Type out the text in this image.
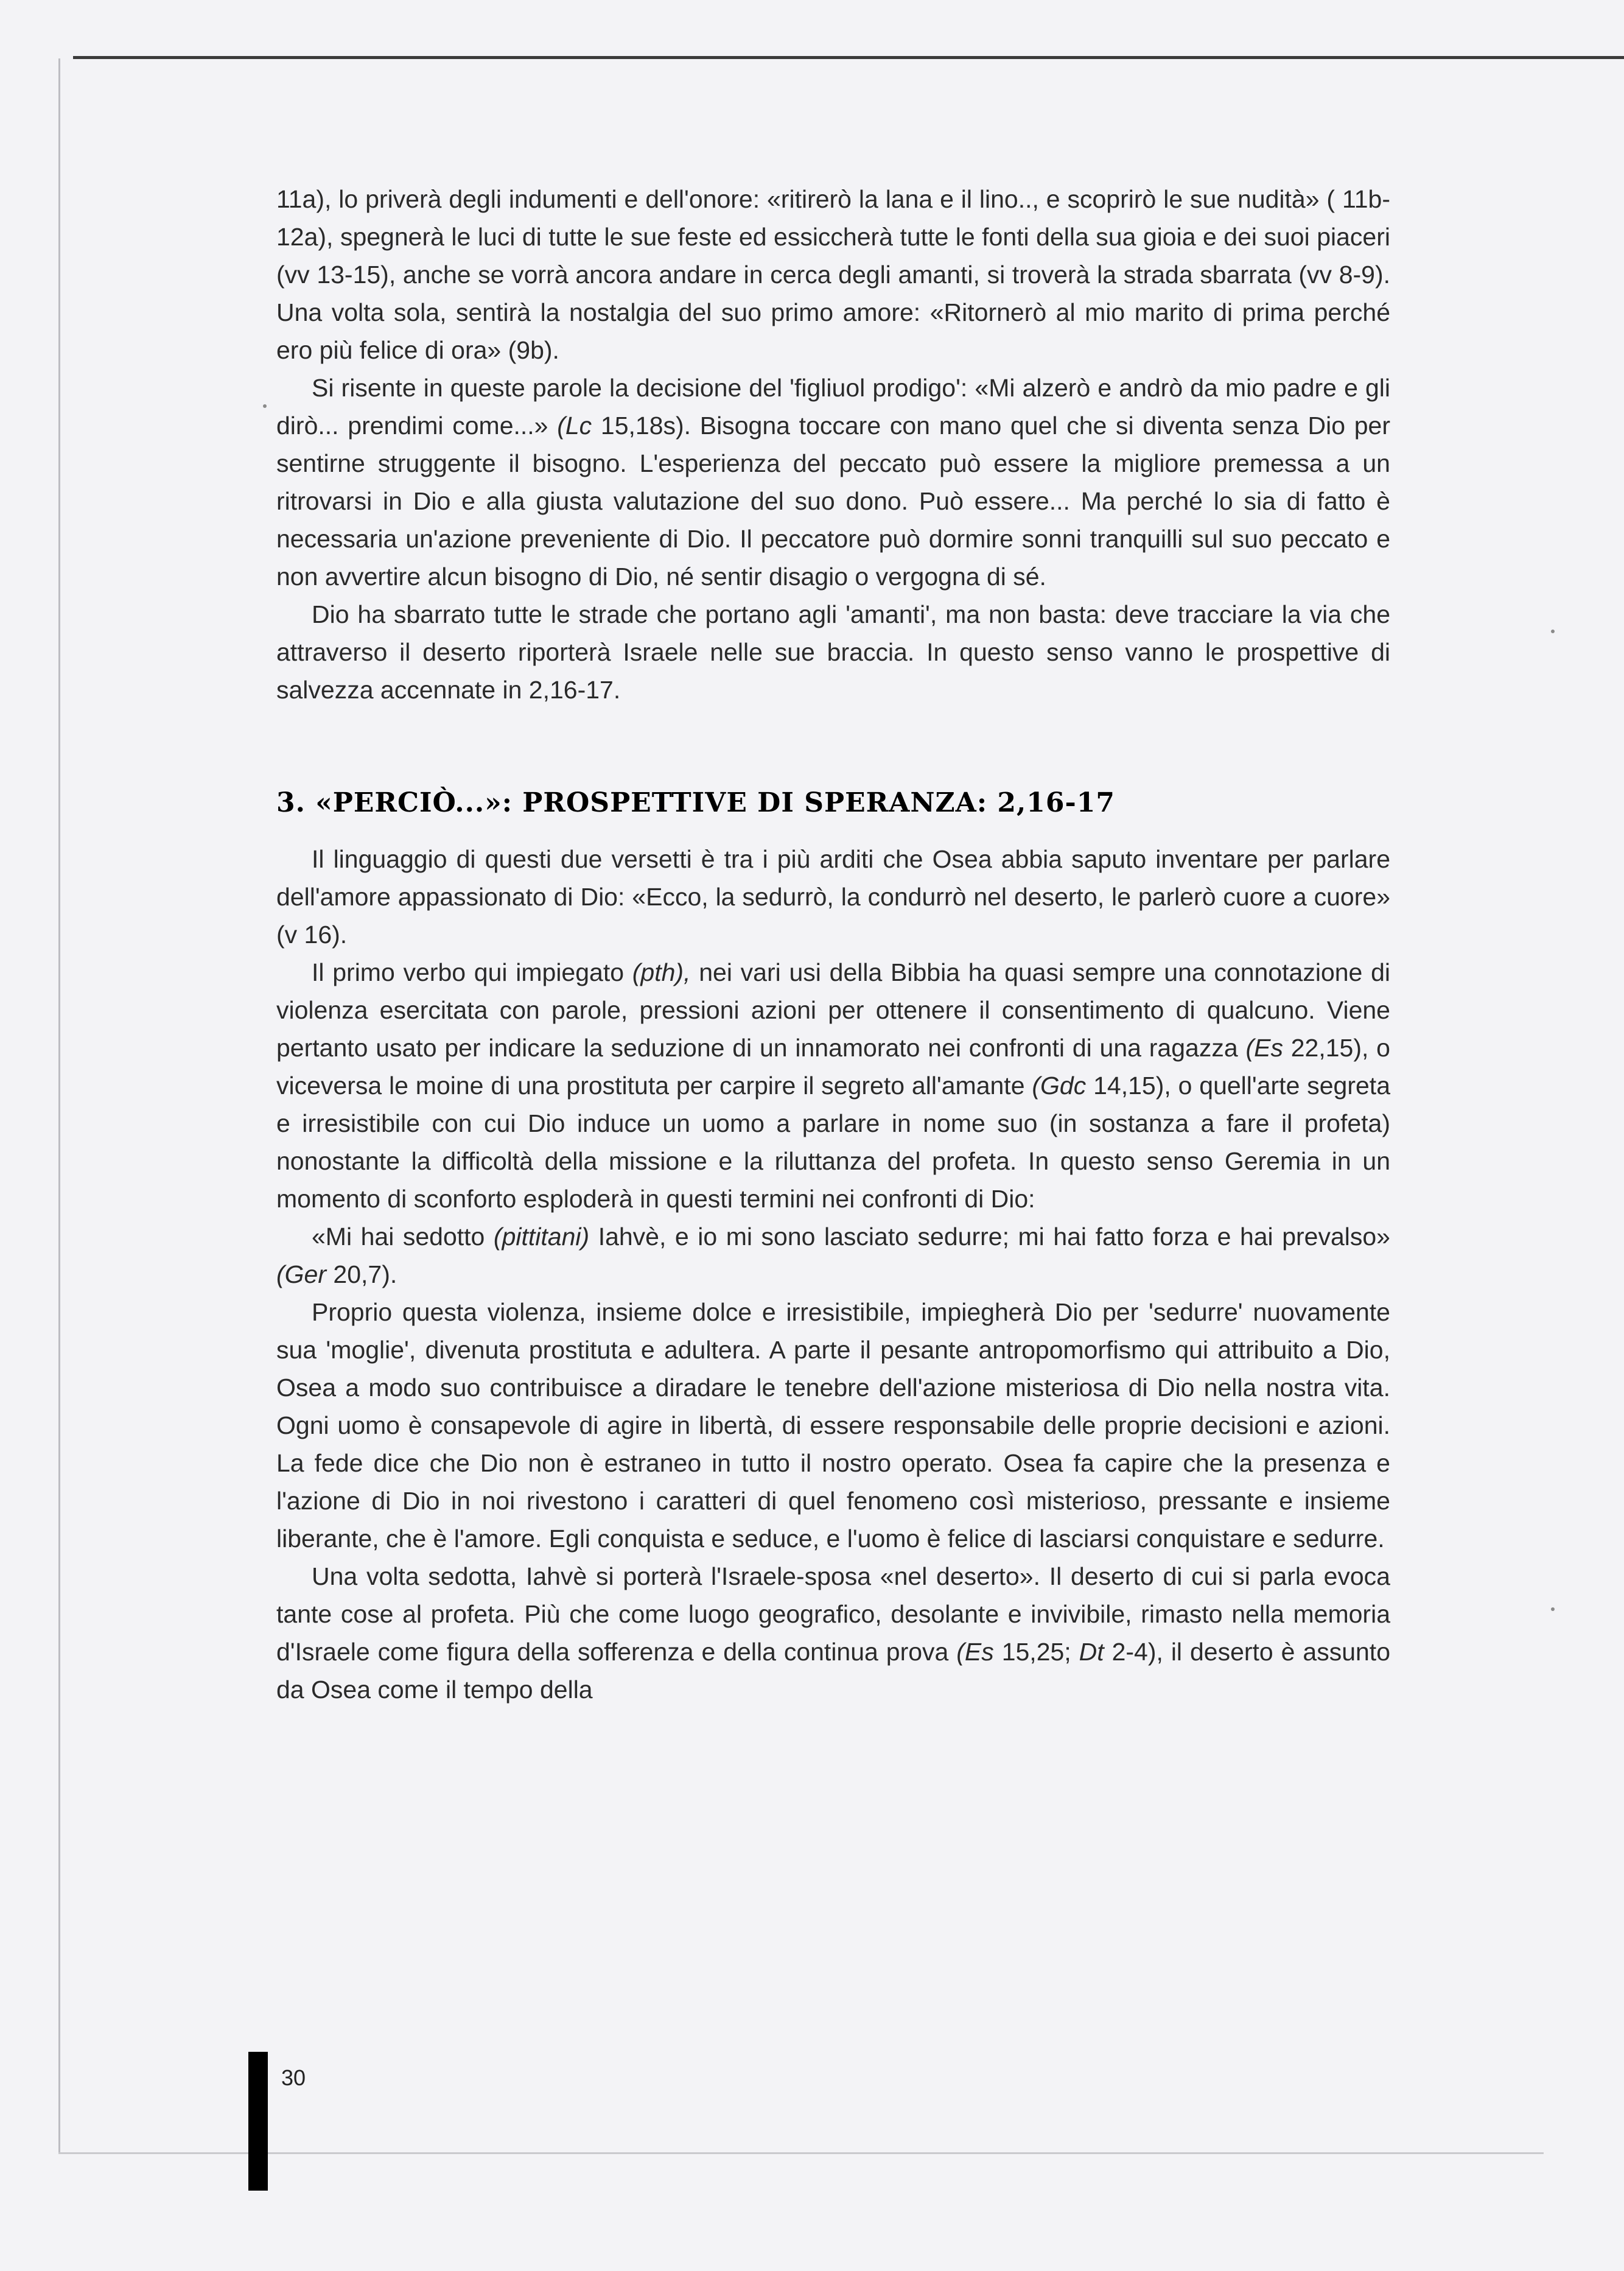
11a), lo priverà degli indumenti e dell'onore: «ritirerò la lana e il lino.., e scoprirò le sue nudità» ( 11b-12a), spegnerà le luci di tutte le sue feste ed essiccherà tutte le fonti della sua gioia e dei suoi piaceri (vv 13-15), anche se vorrà ancora andare in cerca degli amanti, si troverà la strada sbarrata (vv 8-9). Una volta sola, sentirà la nostalgia del suo primo amore: «Ritornerò al mio marito di prima perché ero più felice di ora» (9b).

Si risente in queste parole la decisione del 'figliuol prodigo': «Mi alzerò e andrò da mio padre e gli dirò... prendimi come...» (Lc 15,18s). Bisogna toccare con mano quel che si diventa senza Dio per sentirne struggente il bisogno. L'esperienza del peccato può essere la migliore premessa a un ritrovarsi in Dio e alla giusta valutazione del suo dono. Può essere... Ma perché lo sia di fatto è necessaria un'azione preveniente di Dio. Il peccatore può dormire sonni tranquilli sul suo peccato e non avvertire alcun bisogno di Dio, né sentir disagio o vergogna di sé.

Dio ha sbarrato tutte le strade che portano agli 'amanti', ma non basta: deve tracciare la via che attraverso il deserto riporterà Israele nelle sue braccia. In questo senso vanno le prospettive di salvezza accennate in 2,16-17.

3. «PERCIÒ...»: PROSPETTIVE DI SPERANZA: 2,16-17

Il linguaggio di questi due versetti è tra i più arditi che Osea abbia saputo inventare per parlare dell'amore appassionato di Dio: «Ecco, la sedurrò, la condurrò nel deserto, le parlerò cuore a cuore» (v 16).

Il primo verbo qui impiegato (pth), nei vari usi della Bibbia ha quasi sempre una connotazione di violenza esercitata con parole, pressioni azioni per ottenere il consentimento di qualcuno. Viene pertanto usato per indicare la seduzione di un innamorato nei confronti di una ragazza (Es 22,15), o viceversa le moine di una prostituta per carpire il segreto all'amante (Gdc 14,15), o quell'arte segreta e irresistibile con cui Dio induce un uomo a parlare in nome suo (in sostanza a fare il profeta) nonostante la difficoltà della missione e la riluttanza del profeta. In questo senso Geremia in un momento di sconforto esploderà in questi termini nei confronti di Dio:

«Mi hai sedotto (pittitani) Iahvè, e io mi sono lasciato sedurre; mi hai fatto forza e hai prevalso» (Ger 20,7).

Proprio questa violenza, insieme dolce e irresistibile, impiegherà Dio per 'sedurre' nuovamente sua 'moglie', divenuta prostituta e adultera. A parte il pesante antropomorfismo qui attribuito a Dio, Osea a modo suo contribuisce a diradare le tenebre dell'azione misteriosa di Dio nella nostra vita. Ogni uomo è consapevole di agire in libertà, di essere responsabile delle proprie decisioni e azioni. La fede dice che Dio non è estraneo in tutto il nostro operato. Osea fa capire che la presenza e l'azione di Dio in noi rivestono i caratteri di quel fenomeno così misterioso, pressante e insieme liberante, che è l'amore. Egli conquista e seduce, e l'uomo è felice di lasciarsi conquistare e sedurre.

Una volta sedotta, Iahvè si porterà l'Israele-sposa «nel deserto». Il deserto di cui si parla evoca tante cose al profeta. Più che come luogo geografico, desolante e invivibile, rimasto nella memoria d'Israele come figura della sofferenza e della continua prova (Es 15,25; Dt 2-4), il deserto è assunto da Osea come il tempo della

30
